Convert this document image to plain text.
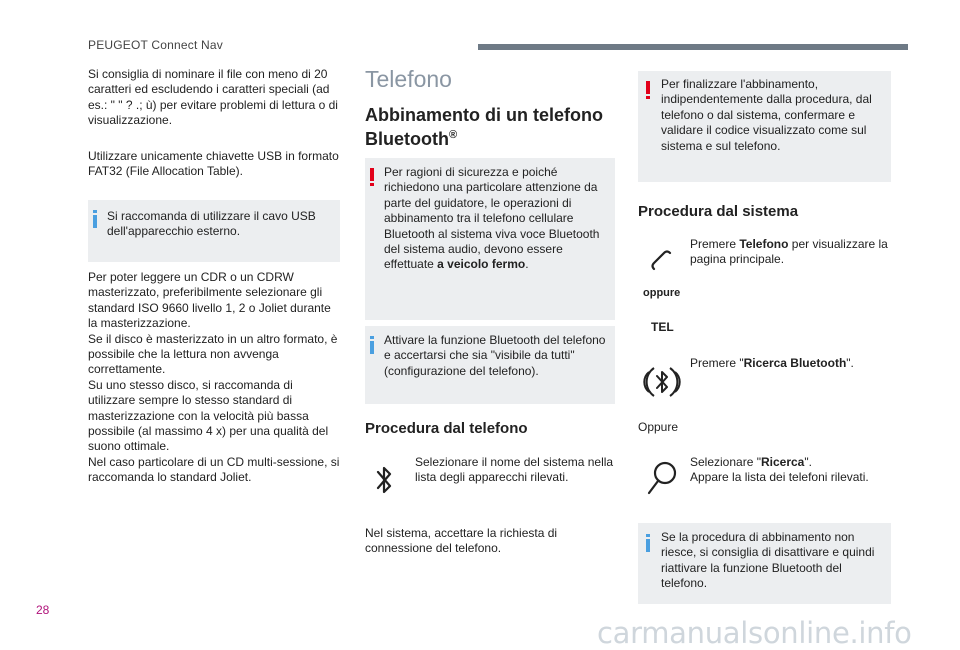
PEUGEOT Connect Nav

Si consiglia di nominare il file con meno di 20 caratteri ed escludendo i caratteri speciali (ad es.: " " ? .; ù) per evitare problemi di lettura o di visualizzazione.

Utilizzare unicamente chiavette USB in formato FAT32 (File Allocation Table).

Si raccomanda di utilizzare il cavo USB dell'apparecchio esterno.

Per poter leggere un CDR o un CDRW masterizzato, preferibilmente selezionare gli standard ISO 9660 livello 1, 2 o Joliet durante la masterizzazione.

Se il disco è masterizzato in un altro formato, è possibile che la lettura non avvenga correttamente.

Su uno stesso disco, si raccomanda di utilizzare sempre lo stesso standard di masterizzazione con la velocità più bassa possibile (al massimo 4 x) per una qualità del suono ottimale.

Nel caso particolare di un CD multi-sessione, si raccomanda lo standard Joliet.

Telefono
Abbinamento di un telefono
Bluetooth®
Per ragioni di sicurezza e poiché richiedono una particolare attenzione da parte del guidatore, le operazioni di abbinamento tra il telefono cellulare Bluetooth al sistema viva voce Bluetooth del sistema audio, devono essere effettuate a veicolo fermo.
Attivare la funzione Bluetooth del telefono e accertarsi che sia "visibile da tutti" (configurazione del telefono).
Procedura dal telefono
Selezionare il nome del sistema nella lista degli apparecchi rilevati.
Nel sistema, accettare la richiesta di connessione del telefono.
Per finalizzare l'abbinamento, indipendentemente dalla procedura, dal telefono o dal sistema, confermare e validare il codice visualizzato come sul sistema e sul telefono.
Procedura dal sistema
Premere Telefono per visualizzare la pagina principale.
oppure
TEL
Premere "Ricerca Bluetooth".
Oppure
Selezionare "Ricerca".
Appare la lista dei telefoni rilevati.
Se la procedura di abbinamento non riesce, si consiglia di disattivare e quindi riattivare la funzione Bluetooth del telefono.
28
carmanualsonline.info
